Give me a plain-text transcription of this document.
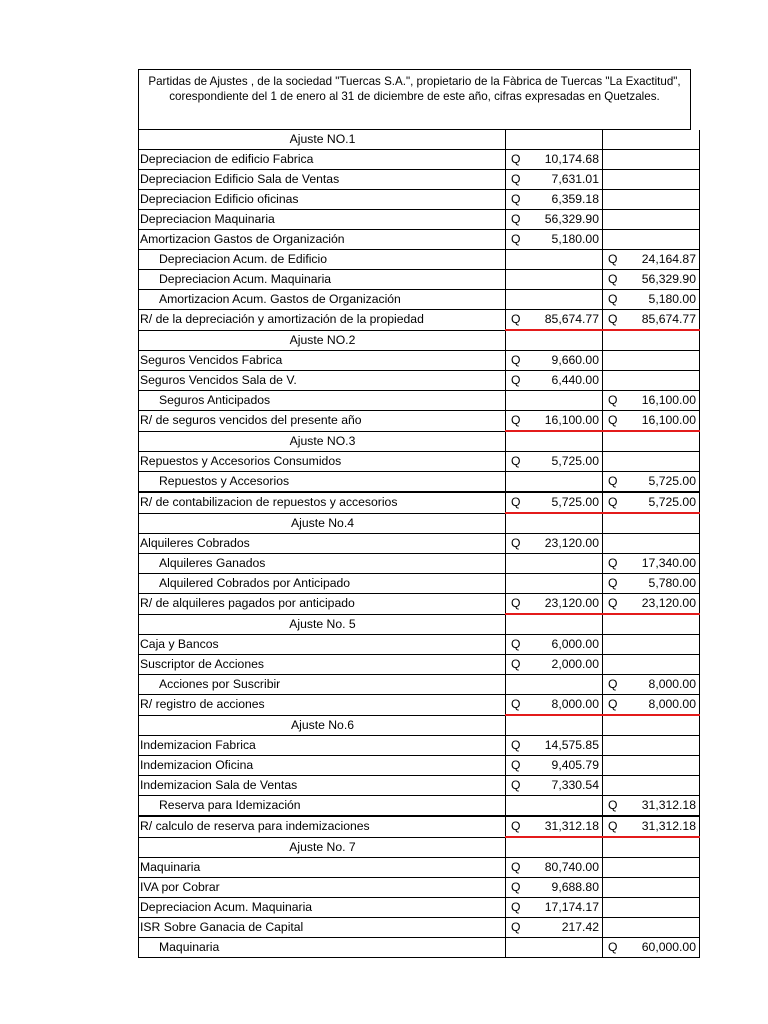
Partidas de Ajustes , de la sociedad "Tuercas S.A.", propietario de la Fàbrica de Tuercas "La Exactitud", corespondiente del 1 de enero al 31 de diciembre de este año, cifras expresadas en Quetzales.
Ajuste NO.1		
Depreciacion de edificio Fabrica	Q 10,174.68	

Depreciacion Edificio Sala de Ventas	Q 7,631.01	

Depreciacion Edificio oficinas	Q 6,359.18	

Depreciacion Maquinaria	Q 56,329.90	

Amortizacion Gastos de Organización	Q 5,180.00	

Depreciacion Acum. de Edificio		Q 24,164.87

Depreciacion Acum. Maquinaria		Q 56,329.90

Amortizacion Acum. Gastos de Organización		Q 5,180.00

R/ de la depreciación y amortización de la propiedad	Q 85,674.77	Q 85,674.77

Ajuste NO.2		
Seguros Vencidos Fabrica	Q 9,660.00	

Seguros Vencidos Sala de V.	Q 6,440.00	

Seguros Anticipados		Q 16,100.00

R/ de seguros vencidos del presente año	Q 16,100.00	Q 16,100.00

Ajuste NO.3		
Repuestos y Accesorios Consumidos	Q 5,725.00	

Repuestos y Accesorios		Q 5,725.00

R/ de contabilizacion de repuestos y accesorios	Q 5,725.00	Q 5,725.00

Ajuste No.4		
Alquileres Cobrados	Q 23,120.00	

Alquileres Ganados		Q 17,340.00

Alquilered Cobrados por Anticipado		Q 5,780.00

R/ de alquileres pagados por anticipado	Q 23,120.00	Q 23,120.00

Ajuste No. 5		
Caja y Bancos	Q 6,000.00	

Suscriptor de Acciones	Q 2,000.00	

Acciones por Suscribir		Q 8,000.00

R/ registro de acciones	Q 8,000.00	Q 8,000.00

Ajuste No.6		
Indemizacion Fabrica	Q 14,575.85	

Indemizacion Oficina	Q 9,405.79	

Indemizacion Sala de Ventas	Q 7,330.54	

Reserva para Idemización		Q 31,312.18

R/ calculo de reserva para indemizaciones	Q 31,312.18	Q 31,312.18

Ajuste No. 7		
Maquinaria	Q 80,740.00	

IVA por Cobrar	Q 9,688.80	

Depreciacion Acum. Maquinaria	Q 17,174.17	

ISR Sobre Ganacia de Capital	Q 217.42	

Maquinaria		Q 60,000.00
